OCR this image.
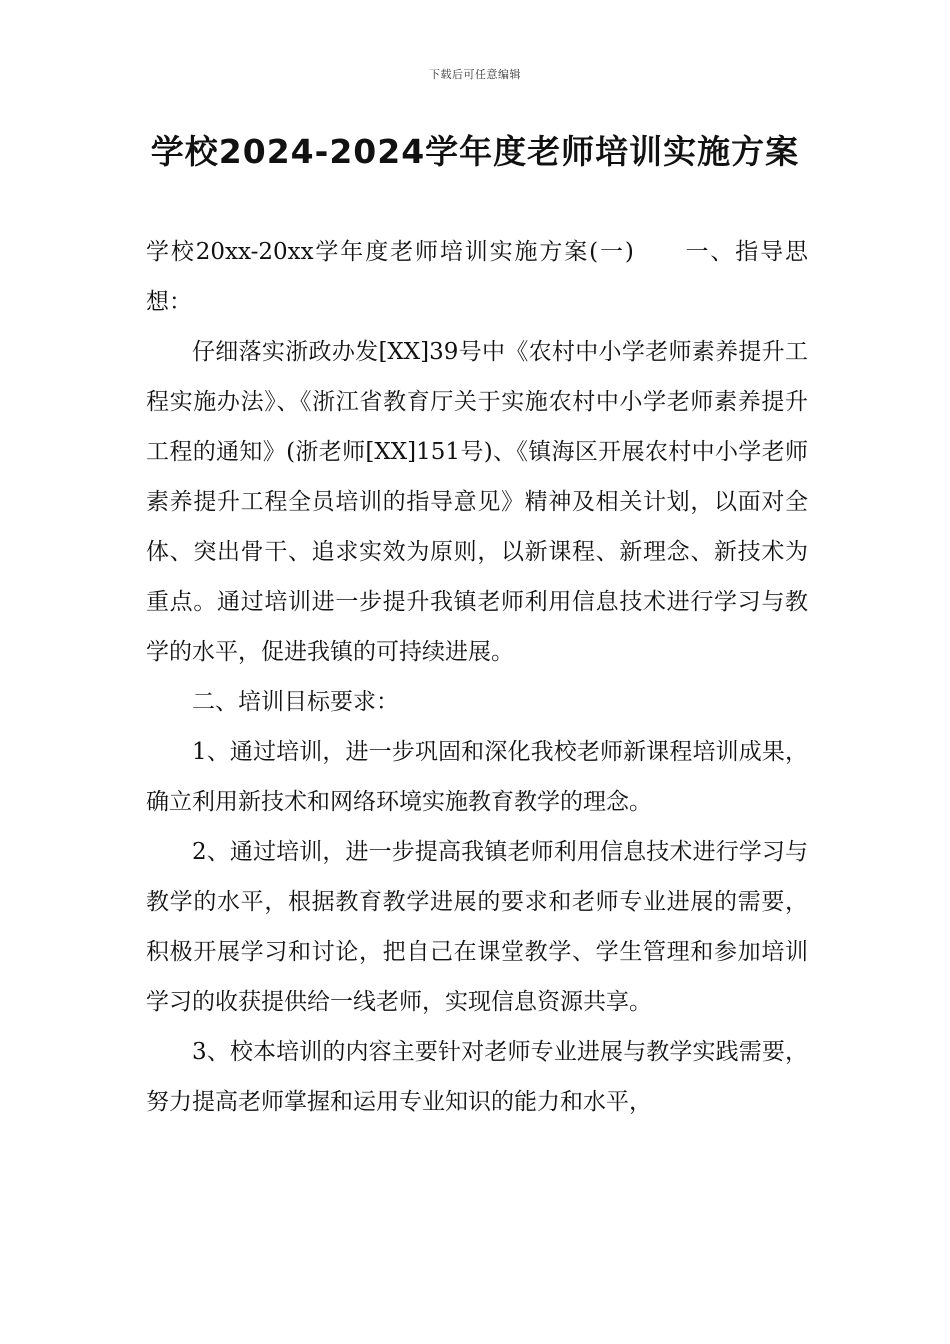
下载后可任意编辑
学校2024-2024学年度老师培训实施方案

学校20xx-20xx学年度老师培训实施方案(一)　　一、指导思想：

仔细落实浙政办发[XX]39号中《农村中小学老师素养提升工程实施办法》、《浙江省教育厅关于实施农村中小学老师素养提升工程的通知》(浙老师[XX]151号)、《镇海区开展农村中小学老师素养提升工程全员培训的指导意见》精神及相关计划，以面对全体、突出骨干、追求实效为原则，以新课程、新理念、新技术为重点。通过培训进一步提升我镇老师利用信息技术进行学习与教学的水平，促进我镇的可持续进展。

二、培训目标要求：

1、通过培训，进一步巩固和深化我校老师新课程培训成果，确立利用新技术和网络环境实施教育教学的理念。

2、通过培训，进一步提高我镇老师利用信息技术进行学习与教学的水平，根据教育教学进展的要求和老师专业进展的需要，积极开展学习和讨论，把自己在课堂教学、学生管理和参加培训学习的收获提供给一线老师，实现信息资源共享。

3、校本培训的内容主要针对老师专业进展与教学实践需要，努力提高老师掌握和运用专业知识的能力和水平，
